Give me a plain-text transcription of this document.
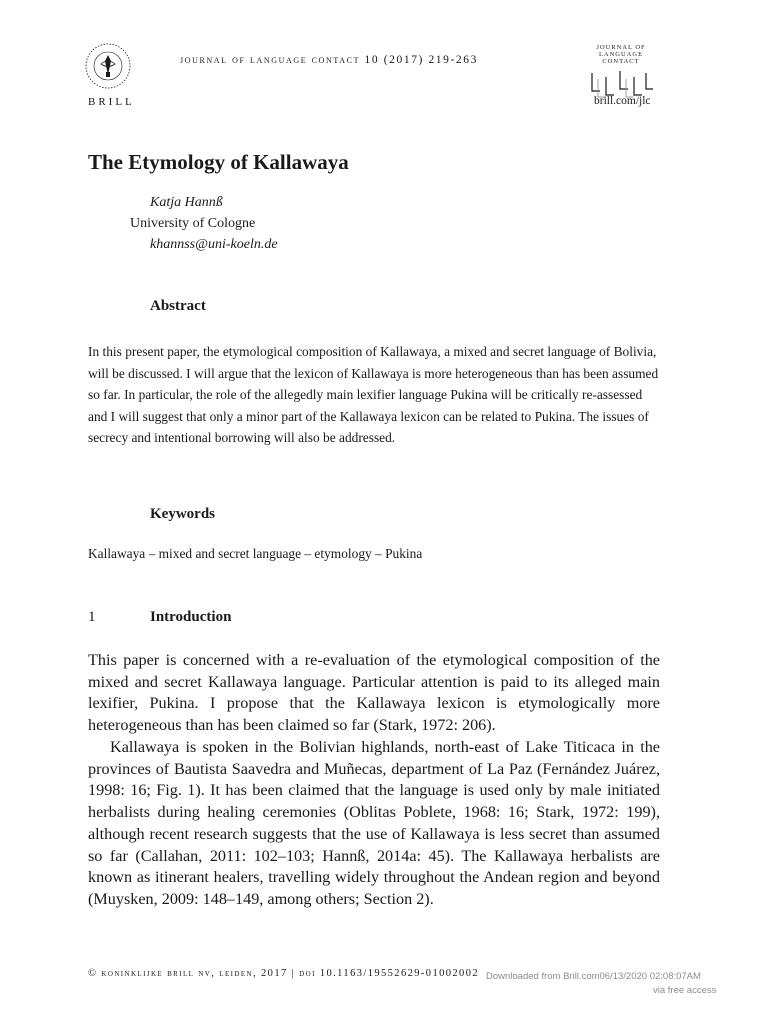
BRILL
journal of language contact 10 (2017) 219-263
JOURNAL OF
LANGUAGE CONTACT
brill.com/jlc
The Etymology of Kallawaya
Katja Hannß
University of Cologne
khannss@uni-koeln.de
Abstract

In this present paper, the etymological composition of Kallawaya, a mixed and secret language of Bolivia, will be discussed. I will argue that the lexicon of Kallawaya is more heterogeneous than has been assumed so far. In particular, the role of the allegedly main lexifier language Pukina will be critically re-assessed and I will suggest that only a minor part of the Kallawaya lexicon can be related to Pukina. The issues of secrecy and intentional borrowing will also be addressed.

Keywords

Kallawaya – mixed and secret language – etymology – Pukina

1	Introduction

This paper is concerned with a re-evaluation of the etymological composition of the mixed and secret Kallawaya language. Particular attention is paid to its alleged main lexifier, Pukina. I propose that the Kallawaya lexicon is etymologically more heterogeneous than has been claimed so far (Stark, 1972: 206).

Kallawaya is spoken in the Bolivian highlands, north-east of Lake Titicaca in the provinces of Bautista Saavedra and Muñecas, department of La Paz (Fernández Juárez, 1998: 16; Fig. 1). It has been claimed that the language is used only by male initiated herbalists during healing ceremonies (Oblitas Poblete, 1968: 16; Stark, 1972: 199), although recent research suggests that the use of Kallawaya is less secret than assumed so far (Callahan, 2011: 102–103; Hannß, 2014a: 45). The Kallawaya herbalists are known as itinerant healers, travelling widely throughout the Andean region and beyond (Muysken, 2009: 148–149, among others; Section 2).

© koninklijke brill nv, leiden, 2017 | doi 10.1163/19552629-01002002 Downloaded from Brill.com06/13/2020 02:08:07AM
via free access
